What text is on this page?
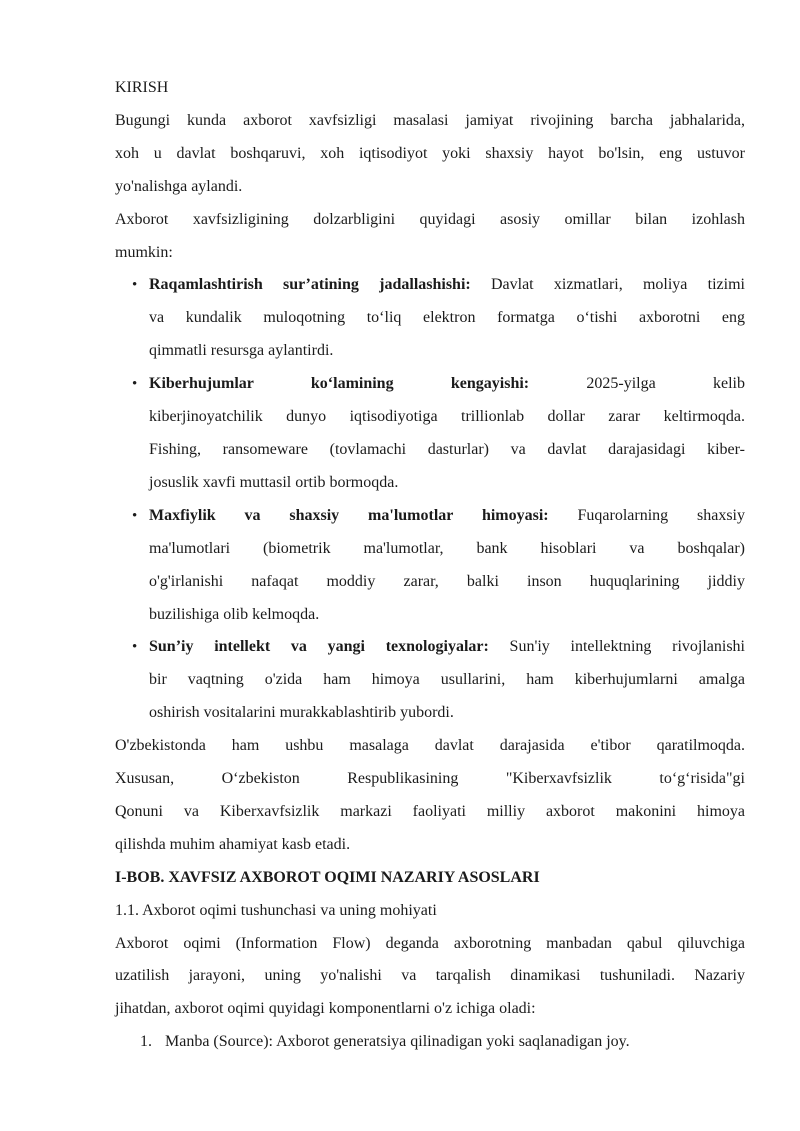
KIRISH
Bugungi kunda axborot xavfsizligi masalasi jamiyat rivojining barcha jabhalarida,
xoh u davlat boshqaruvi, xoh iqtisodiyot yoki shaxsiy hayot bo'lsin, eng ustuvor
yo'nalishga aylandi.
Axborot xavfsizligining dolzarbligini quyidagi asosiy omillar bilan izohlash
mumkin:
• Raqamlashtirish sur’atining jadallashishi: Davlat xizmatlari, moliya tizimi
va kundalik muloqotning toʻliq elektron formatga oʻtishi axborotni eng
qimmatli resursga aylantirdi.
• Kiberhujumlar koʻlamining kengayishi: 2025-yilga kelib
kiberjinoyatchilik dunyo iqtisodiyotiga trillionlab dollar zarar keltirmoqda.
Fishing, ransomeware (tovlamachi dasturlar) va davlat darajasidagi kiber-
josuslik xavfi muttasil ortib bormoqda.
• Maxfiylik va shaxsiy ma'lumotlar himoyasi: Fuqarolarning shaxsiy
ma'lumotlari (biometrik ma'lumotlar, bank hisoblari va boshqalar)
o'g'irlanishi nafaqat moddiy zarar, balki inson huquqlarining jiddiy
buzilishiga olib kelmoqda.
• Sun’iy intellekt va yangi texnologiyalar: Sun'iy intellektning rivojlanishi
bir vaqtning o'zida ham himoya usullarini, ham kiberhujumlarni amalga
oshirish vositalarini murakkablashtirib yubordi.
O'zbekistonda ham ushbu masalaga davlat darajasida e'tibor qaratilmoqda.
Xususan, Oʻzbekiston Respublikasining "Kiberxavfsizlik toʻgʻrisida"gi
Qonuni va Kiberxavfsizlik markazi faoliyati milliy axborot makonini himoya
qilishda muhim ahamiyat kasb etadi.
I-BOB. XAVFSIZ AXBOROT OQIMI NAZARIY ASOSLARI
1.1. Axborot oqimi tushunchasi va uning mohiyati
Axborot oqimi (Information Flow) deganda axborotning manbadan qabul qiluvchiga
uzatilish jarayoni, uning yo'nalishi va tarqalish dinamikasi tushuniladi. Nazariy
jihatdan, axborot oqimi quyidagi komponentlarni o'z ichiga oladi:
1. Manba (Source): Axborot generatsiya qilinadigan yoki saqlanadigan joy.
